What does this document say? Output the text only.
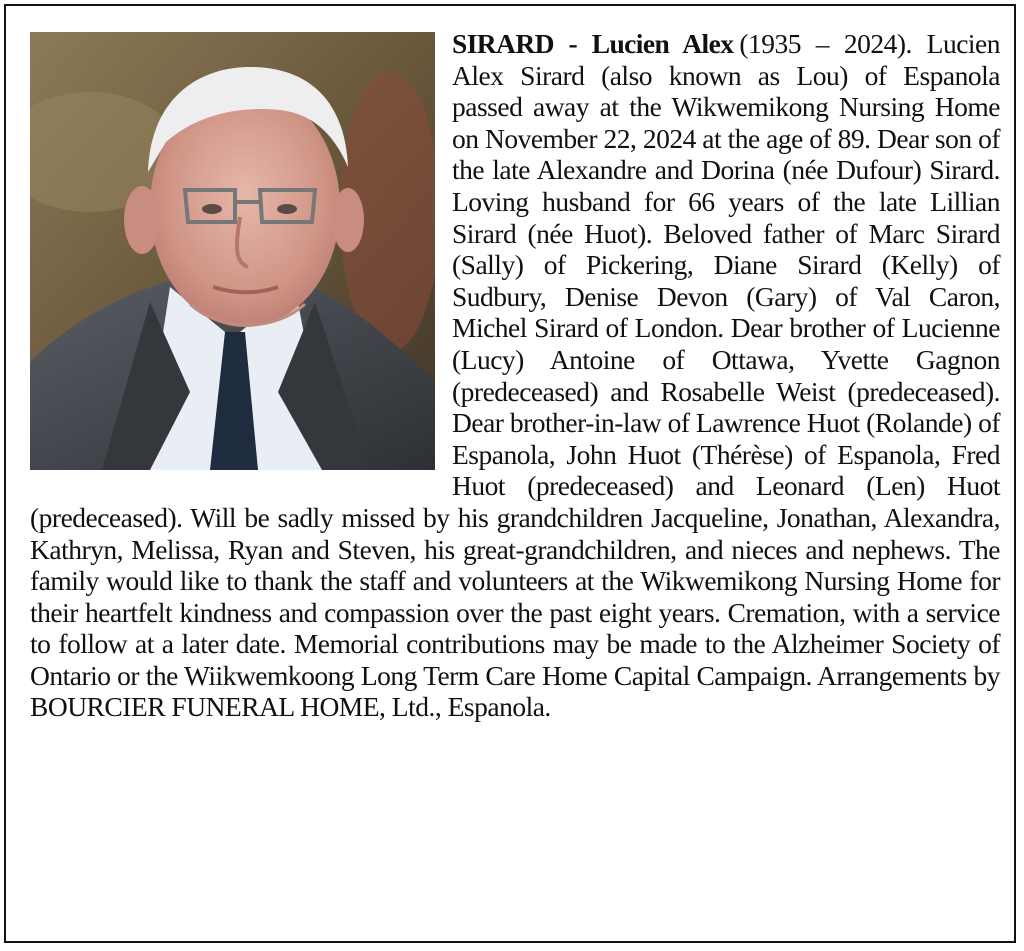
SIRARD - Lucien Alex (1935 – 2024). Lucien Alex Sirard (also known as Lou) of Espanola passed away at the Wikwemikong Nursing Home on November 22, 2024 at the age of 89. Dear son of the late Alexandre and Dorina (née Dufour) Sirard. Loving husband for 66 years of the late Lillian Sirard (née Huot). Beloved father of Marc Sirard (Sally) of Pickering, Diane Sirard (Kelly) of Sudbury, Denise Devon (Gary) of Val Caron, Michel Sirard of London. Dear brother of Lucienne (Lucy) Antoine of Ottawa, Yvette Gagnon (predeceased) and Rosabelle Weist (predeceased). Dear brother-in-law of Lawrence Huot (Rolande) of Espanola, John Huot (Thérèse) of Espanola, Fred Huot (predeceased) and Leonard (Len) Huot (predeceased). Will be sadly missed by his grandchildren Jacqueline, Jonathan, Alexandra, Kathryn, Melissa, Ryan and Steven, his great-grandchildren, and nieces and nephews. The family would like to thank the staff and volunteers at the Wikwemikong Nursing Home for their heartfelt kindness and compassion over the past eight years. Cremation, with a service to follow at a later date. Memorial contributions may be made to the Alzheimer Society of Ontario or the Wiikwemkoong Long Term Care Home Capital Campaign. Arrangements by BOURCIER FUNERAL HOME, Ltd., Espanola.
